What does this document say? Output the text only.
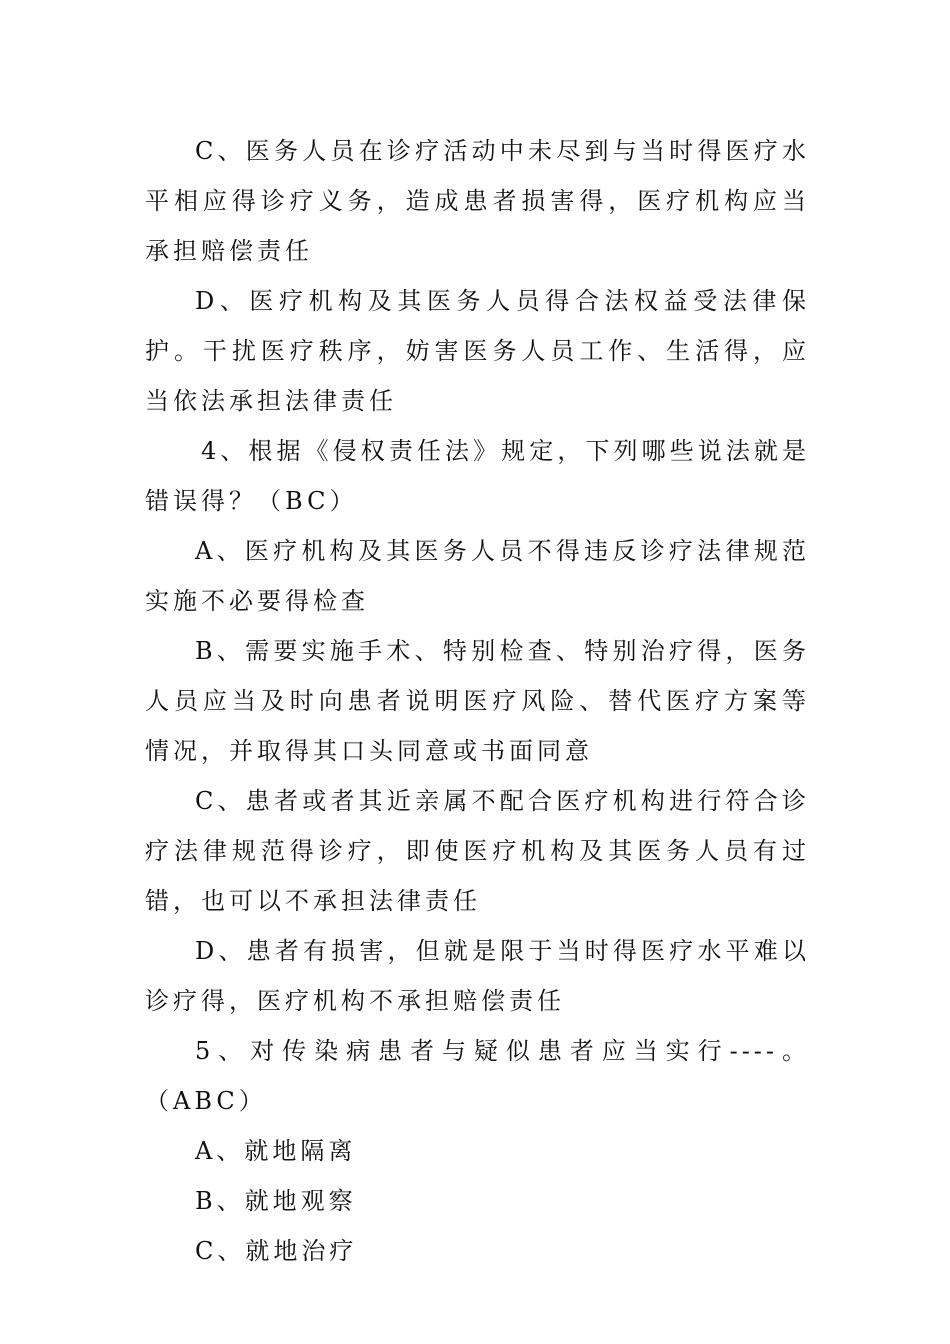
C、医务人员在诊疗活动中未尽到与当时得医疗水平相应得诊疗义务，造成患者损害得，医疗机构应当承担赔偿责任

D、医疗机构及其医务人员得合法权益受法律保护。干扰医疗秩序，妨害医务人员工作、生活得，应当依法承担法律责任

4、根据《侵权责任法》规定，下列哪些说法就是错误得？（BC）

A、医疗机构及其医务人员不得违反诊疗法律规范实施不必要得检查

B、需要实施手术、特别检查、特别治疗得，医务人员应当及时向患者说明医疗风险、替代医疗方案等情况，并取得其口头同意或书面同意

C、患者或者其近亲属不配合医疗机构进行符合诊疗法律规范得诊疗，即使医疗机构及其医务人员有过错，也可以不承担法律责任

D、患者有损害，但就是限于当时得医疗水平难以诊疗得，医疗机构不承担赔偿责任

5、对传染病患者与疑似患者应当实行----。（ABC）

A、就地隔离

B、就地观察

C、就地治疗
